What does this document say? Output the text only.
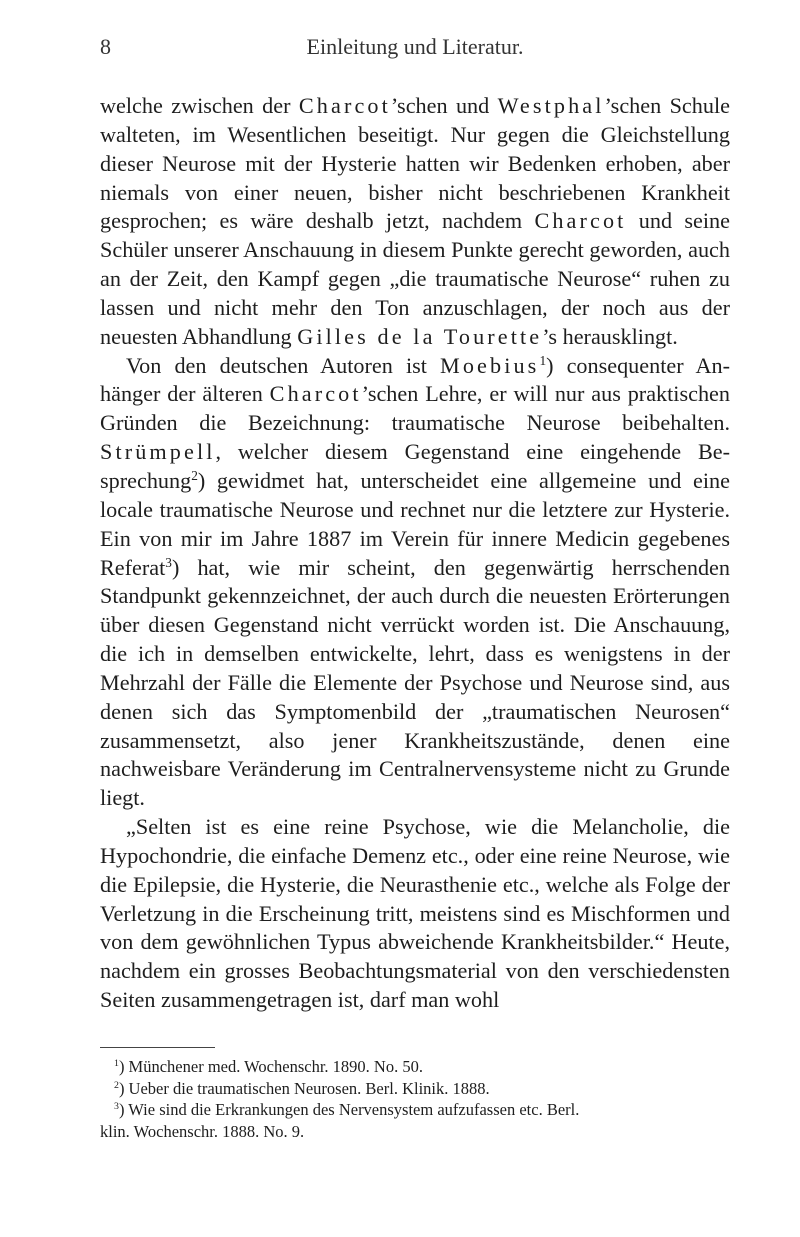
8	Einleitung und Literatur.

welche zwischen der Charcot’schen und Westphal’schen Schule walteten, im Wesentlichen beseitigt. Nur gegen die Gleichstellung dieser Neurose mit der Hysterie hatten wir Bedenken erhoben, aber niemals von einer neuen, bisher nicht beschriebenen Krankheit gesprochen; es wäre deshalb jetzt, nachdem Charcot und seine Schüler unserer Anschauung in diesem Punkte gerecht geworden, auch an der Zeit, den Kampf gegen „die traumatische Neurose“ ruhen zu lassen und nicht mehr den Ton anzuschlagen, der noch aus der neuesten Abhandlung Gilles de la Tourette’s herausklingt.

Von den deutschen Autoren ist Moebius$^1$) consequenter Anhänger der älteren Charcot’schen Lehre, er will nur aus praktischen Gründen die Bezeichnung: traumatische Neurose beibehalten. Strümpell, welcher diesem Gegenstand eine eingehende Besprechung$^2$) gewidmet hat, unterscheidet eine allgemeine und eine locale traumatische Neurose und rechnet nur die letztere zur Hysterie. Ein von mir im Jahre 1887 im Verein für innere Medicin gegebenes Referat$^3$) hat, wie mir scheint, den gegenwärtig herrschenden Standpunkt gekennzeichnet, der auch durch die neuesten Erörterungen über diesen Gegenstand nicht verrückt worden ist. Die Anschauung, die ich in demselben entwickelte, lehrt, dass es wenigstens in der Mehrzahl der Fälle die Elemente der Psychose und Neurose sind, aus denen sich das Symptomenbild der „traumatischen Neurosen“ zusammensetzt, also jener Krankheitszustände, denen eine nachweisbare Veränderung im Centralnervensysteme nicht zu Grunde liegt.

„Selten ist es eine reine Psychose, wie die Melancholie, die Hypochondrie, die einfache Demenz etc., oder eine reine Neurose, wie die Epilepsie, die Hysterie, die Neurasthenie etc., welche als Folge der Verletzung in die Erscheinung tritt, meistens sind es Mischformen und von dem gewöhnlichen Typus abweichende Krankheitsbilder.“ Heute, nachdem ein grosses Beobachtungsmaterial von den verschiedensten Seiten zusammengetragen ist, darf man wohl

$^1$) Münchener med. Wochenschr. 1890. No. 50.

$^2$) Ueber die traumatischen Neurosen. Berl. Klinik. 1888.

$^3$) Wie sind die Erkrankungen des Nervensystem aufzufassen etc. Berl.

klin. Wochenschr. 1888. No. 9.
